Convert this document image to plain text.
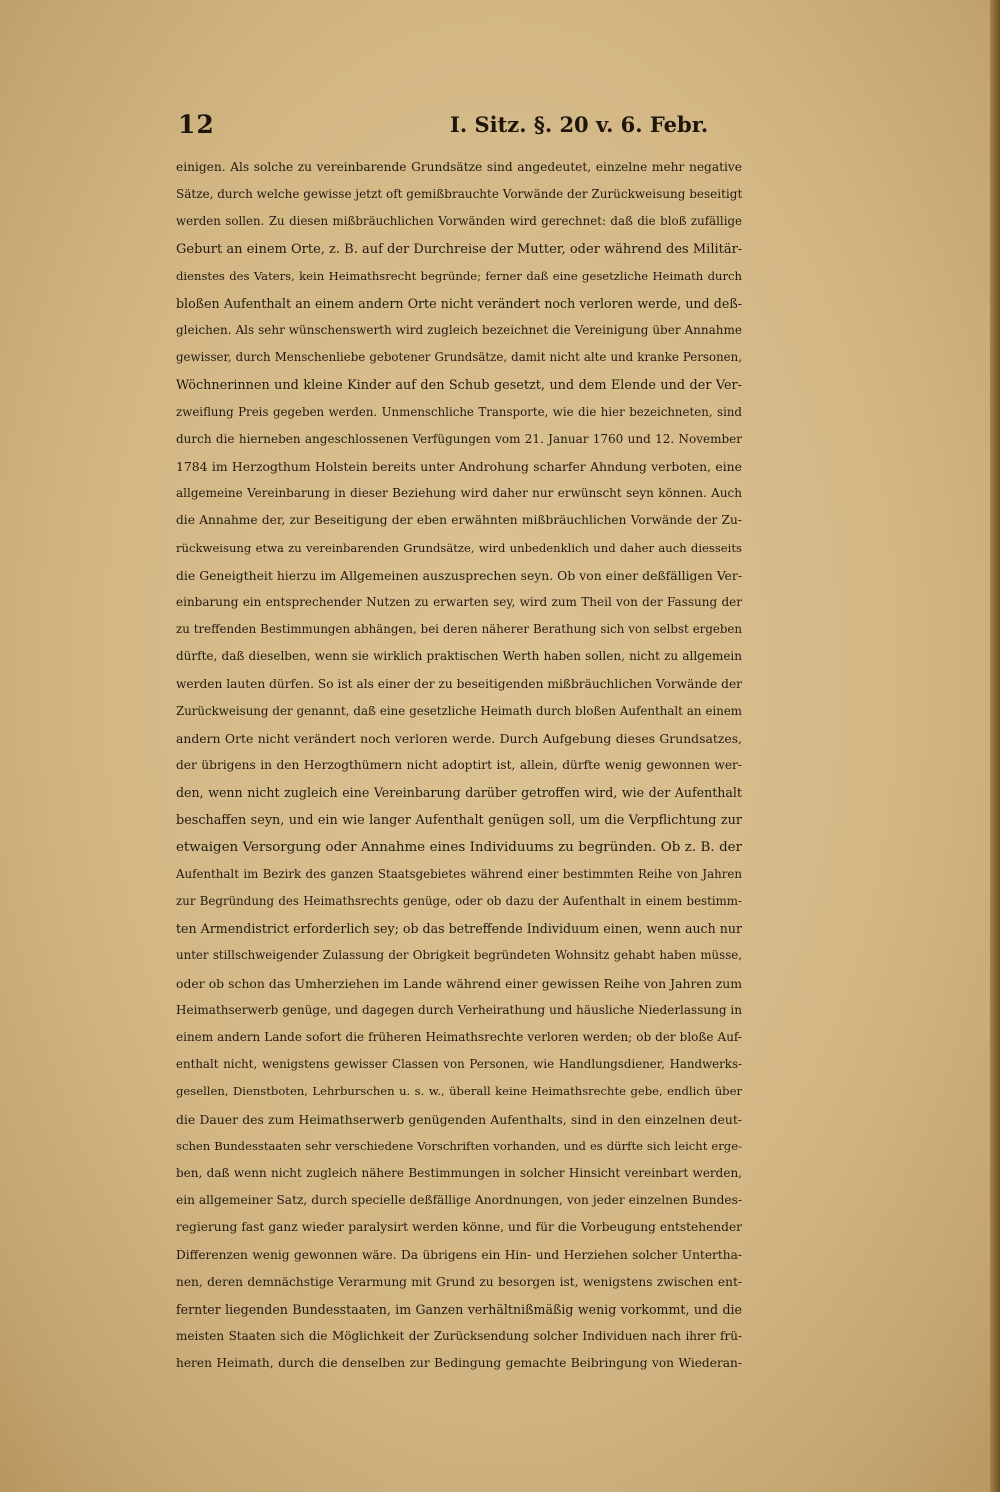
12	I. Sitz. §. 20 v. 6. Febr.
einigen. Als solche zu vereinbarende Grundsätze sind angedeutet, einzelne mehr negative
Sätze, durch welche gewisse jetzt oft gemißbrauchte Vorwände der Zurückweisung beseitigt
werden sollen. Zu diesen mißbräuchlichen Vorwänden wird gerechnet: daß die bloß zufällige
Geburt an einem Orte, z. B. auf der Durchreise der Mutter, oder während des Militär-
dienstes des Vaters, kein Heimathsrecht begründe; ferner daß eine gesetzliche Heimath durch
bloßen Aufenthalt an einem andern Orte nicht verändert noch verloren werde, und deß-
gleichen. Als sehr wünschenswerth wird zugleich bezeichnet die Vereinigung über Annahme
gewisser, durch Menschenliebe gebotener Grundsätze, damit nicht alte und kranke Personen,
Wöchnerinnen und kleine Kinder auf den Schub gesetzt, und dem Elende und der Ver-
zweiflung Preis gegeben werden. Unmenschliche Transporte, wie die hier bezeichneten, sind
durch die hierneben angeschlossenen Verfügungen vom 21. Januar 1760 und 12. November
1784 im Herzogthum Holstein bereits unter Androhung scharfer Ahndung verboten, eine
allgemeine Vereinbarung in dieser Beziehung wird daher nur erwünscht seyn können. Auch
die Annahme der, zur Beseitigung der eben erwähnten mißbräuchlichen Vorwände der Zu-
rückweisung etwa zu vereinbarenden Grundsätze, wird unbedenklich und daher auch diesseits
die Geneigtheit hierzu im Allgemeinen auszusprechen seyn. Ob von einer deßfälligen Ver-
einbarung ein entsprechender Nutzen zu erwarten sey, wird zum Theil von der Fassung der
zu treffenden Bestimmungen abhängen, bei deren näherer Berathung sich von selbst ergeben
dürfte, daß dieselben, wenn sie wirklich praktischen Werth haben sollen, nicht zu allgemein
werden lauten dürfen. So ist als einer der zu beseitigenden mißbräuchlichen Vorwände der
Zurückweisung der genannt, daß eine gesetzliche Heimath durch bloßen Aufenthalt an einem
andern Orte nicht verändert noch verloren werde. Durch Aufgebung dieses Grundsatzes,
der übrigens in den Herzogthümern nicht adoptirt ist, allein, dürfte wenig gewonnen wer-
den, wenn nicht zugleich eine Vereinbarung darüber getroffen wird, wie der Aufenthalt
beschaffen seyn, und ein wie langer Aufenthalt genügen soll, um die Verpflichtung zur
etwaigen Versorgung oder Annahme eines Individuums zu begründen. Ob z. B. der
Aufenthalt im Bezirk des ganzen Staatsgebietes während einer bestimmten Reihe von Jahren
zur Begründung des Heimathsrechts genüge, oder ob dazu der Aufenthalt in einem bestimm-
ten Armendistrict erforderlich sey; ob das betreffende Individuum einen, wenn auch nur
unter stillschweigender Zulassung der Obrigkeit begründeten Wohnsitz gehabt haben müsse,
oder ob schon das Umherziehen im Lande während einer gewissen Reihe von Jahren zum
Heimathserwerb genüge, und dagegen durch Verheirathung und häusliche Niederlassung in
einem andern Lande sofort die früheren Heimathsrechte verloren werden; ob der bloße Auf-
enthalt nicht, wenigstens gewisser Classen von Personen, wie Handlungsdiener, Handwerks-
gesellen, Dienstboten, Lehrburschen u. s. w., überall keine Heimathsrechte gebe, endlich über
die Dauer des zum Heimathserwerb genügenden Aufenthalts, sind in den einzelnen deut-
schen Bundesstaaten sehr verschiedene Vorschriften vorhanden, und es dürfte sich leicht erge-
ben, daß wenn nicht zugleich nähere Bestimmungen in solcher Hinsicht vereinbart werden,
ein allgemeiner Satz, durch specielle deßfällige Anordnungen, von jeder einzelnen Bundes-
regierung fast ganz wieder paralysirt werden könne, und für die Vorbeugung entstehender
Differenzen wenig gewonnen wäre. Da übrigens ein Hin- und Herziehen solcher Untertha-
nen, deren demnächstige Verarmung mit Grund zu besorgen ist, wenigstens zwischen ent-
fernter liegenden Bundesstaaten, im Ganzen verhältnißmäßig wenig vorkommt, und die
meisten Staaten sich die Möglichkeit der Zurücksendung solcher Individuen nach ihrer frü-
heren Heimath, durch die denselben zur Bedingung gemachte Beibringung von Wiederan-
